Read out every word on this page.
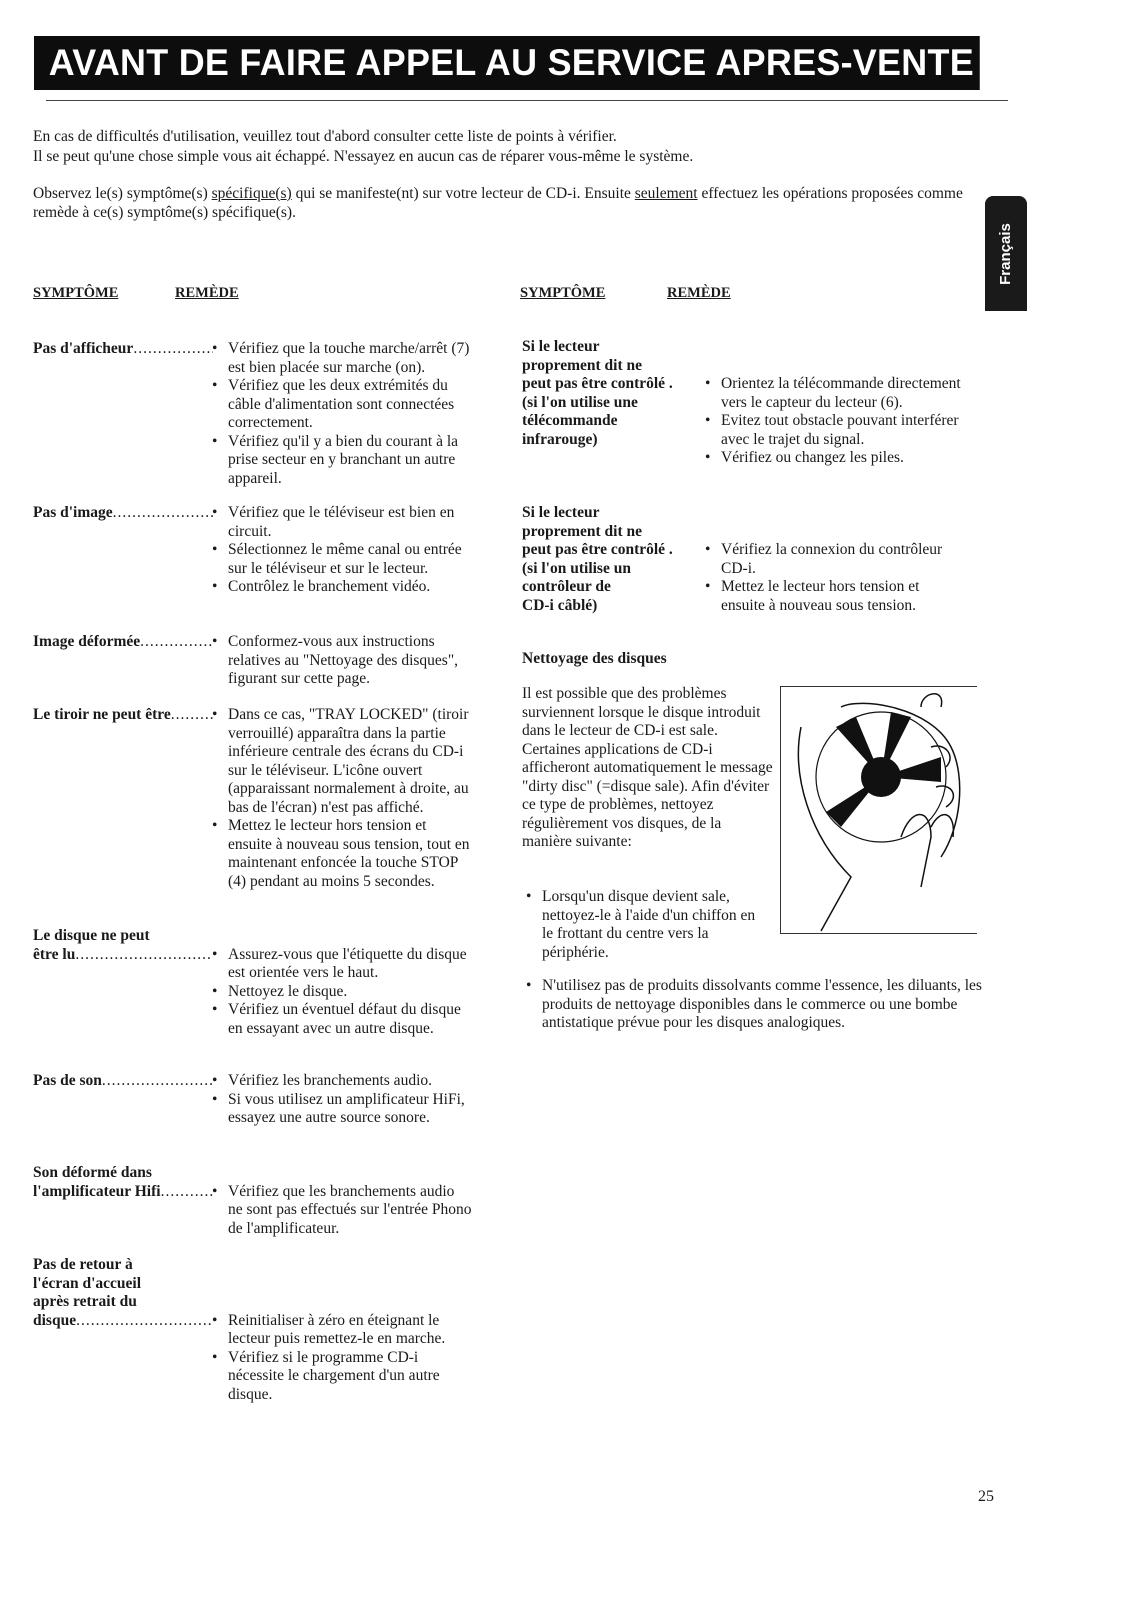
AVANT DE FAIRE APPEL AU SERVICE APRES-VENTE
En cas de difficultés d'utilisation, veuillez tout d'abord consulter cette liste de points à vérifier.
Il se peut qu'une chose simple vous ait échappé. N'essayez en aucun cas de réparer vous-même le système.
Observez le(s) symptôme(s) spécifique(s) qui se manifeste(nt) sur votre lecteur de CD-i. Ensuite seulement effectuez les opérations proposées comme remède à ce(s) symptôme(s) spécifique(s).
Français
SYMPTÔME	REMÈDE	SYMPTÔME	REMÈDE
Pas d'afficheur .....	• Vérifiez que la touche marche/arrêt (7) est bien placée sur marche (on).
• Vérifiez que les deux extrémités du câble d'alimentation sont connectées correctement.
• Vérifiez qu'il y a bien du courant à la prise secteur en y branchant un autre appareil.
Pas d'image .....	• Vérifiez que le téléviseur est bien en circuit.
• Sélectionnez le même canal ou entrée sur le téléviseur et sur le lecteur.
• Contrôlez le branchement vidéo.
Image déformée .....	• Conformez-vous aux instructions relatives au "Nettoyage des disques", figurant sur cette page.
Le tiroir ne peut être .....	• Dans ce cas, "TRAY LOCKED" (tiroir verrouillé) apparaîtra dans la partie inférieure centrale des écrans du CD-i sur le téléviseur. L'icône ouvert (apparaissant normalement à droite, au bas de l'écran) n'est pas affiché.
• Mettez le lecteur hors tension et ensuite à nouveau sous tension, tout en maintenant enfoncée la touche STOP (4) pendant au moins 5 secondes.
Le disque ne peut
être lu .....	• Assurez-vous que l'étiquette du disque est orientée vers le haut.
• Nettoyez le disque.
• Vérifiez un éventuel défaut du disque en essayant avec un autre disque.
Pas de son .....	• Vérifiez les branchements audio.
• Si vous utilisez un amplificateur HiFi, essayez une autre source sonore.
Son déformé dans
l'amplificateur Hifi .....	• Vérifiez que les branchements audio ne sont pas effectués sur l'entrée Phono de l'amplificateur.
Pas de retour à
l'écran d'accueil
après retrait du
disque .....	• Reinitialiser à zéro en éteignant le lecteur puis remettez-le en marche.
• Vérifiez si le programme CD-i nécessite le chargement d'un autre disque.
Si le lecteur
proprement dit ne
peut pas être contrôlé .
(si l'on utilise une
télécommande
infrarouge)
• Orientez la télécommande directement vers le capteur du lecteur (6).
• Evitez tout obstacle pouvant interférer avec le trajet du signal.
• Vérifiez ou changez les piles.
Si le lecteur
proprement dit ne
peut pas être contrôlé .
(si l'on utilise un
contrôleur de
CD-i câblé)
• Vérifiez la connexion du contrôleur CD-i.
• Mettez le lecteur hors tension et ensuite à nouveau sous tension.
Nettoyage des disques
Il est possible que des problèmes surviennent lorsque le disque introduit dans le lecteur de CD-i est sale. Certaines applications de CD-i afficheront automatiquement le message "dirty disc" (=disque sale). Afin d'éviter ce type de problèmes, nettoyez régulièrement vos disques, de la manière suivante:
• Lorsqu'un disque devient sale, nettoyez-le à l'aide d'un chiffon en le frottant du centre vers la périphérie.
• N'utilisez pas de produits dissolvants comme l'essence, les diluants, les produits de nettoyage disponibles dans le commerce ou une bombe antistatique prévue pour les disques analogiques.
25
